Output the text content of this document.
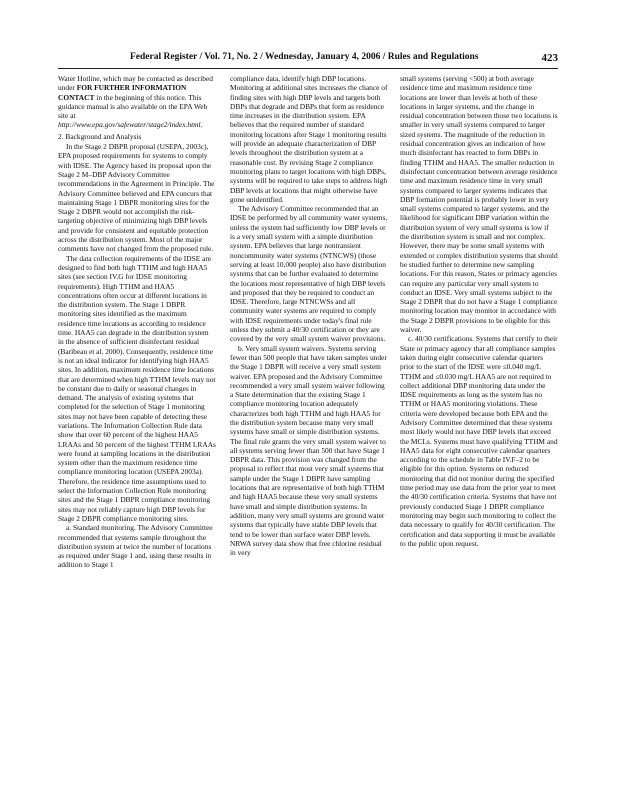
Federal Register / Vol. 71, No. 2 / Wednesday, January 4, 2006 / Rules and Regulations	423

Water Hotline, which may be contacted as described under FOR FURTHER INFORMATION CONTACT in the beginning of this notice. This guidance manual is also available on the EPA Web site at http://www.epa.gov/safewater/stage2/index.html.

2. Background and Analysis

In the Stage 2 DBPR proposal (USEPA, 2003c), EPA proposed requirements for systems to comply with IDSE. The Agency based its proposal upon the Stage 2 M–DBP Advisory Committee recommendations in the Agreement in Principle. The Advisory Committee believed and EPA concurs that maintaining Stage 1 DBPR monitoring sites for the Stage 2 DBPR would not accomplish the risk-targeting objective of minimizing high DBP levels and provide for consistent and equitable protection across the distribution system. Most of the major comments have not changed from the proposed rule.

The data collection requirements of the IDSE are designed to find both high TTHM and high HAA5 sites (see section IV.G for IDSE monitoring requirements). High TTHM and HAA5 concentrations often occur at different locations in the distribution system. The Stage 1 DBPR monitoring sites identified as the maximum residence time locations as according to residence time. HAA5 can degrade in the distribution system in the absence of sufficient disinfectant residual (Baribeau et al. 2000). Consequently, residence time is not an ideal indicator for identifying high HAA5 sites. In addition, maximum residence time locations that are determined when high TTHM levels may not be constant due to daily or seasonal changes in demand. The analysis of existing systems that completed for the selection of Stage 1 monitoring sites may not have been capable of detecting these variations. The Information Collection Rule data show that over 60 percent of the highest HAA5 LRAAs and 50 percent of the highest TTHM LRAAs were found at sampling locations in the distribution system other than the maximum residence time compliance monitoring location (USEPA 2003a). Therefore, the residence time assumptions used to select the Information Collection Rule monitoring sites and the Stage 1 DBPR compliance monitoring sites may not reliably capture high DBP levels for Stage 2 DBPR compliance monitoring sites.

a. Standard monitoring. The Advisory Committee recommended that systems sample throughout the distribution system at twice the number of locations as required under Stage 1 and, using these results in addition to Stage 1

compliance data, identify high DBP locations. Monitoring at additional sites increases the chance of finding sites with high DBP levels and targets both DBPs that degrade and DBPs that form as residence time increases in the distribution system. EPA believes that the required number of standard monitoring locations after Stage 1 monitoring results will provide an adequate characterization of DBP levels throughout the distribution system at a reasonable cost. By revising Stage 2 compliance monitoring plans to target locations with high DBPs, systems will be required to take steps to address high DBP levels at locations that might otherwise have gone unidentified.

The Advisory Committee recommended that an IDSE be performed by all community water systems, unless the system had sufficiently low DBP levels or is a very small system with a simple distribution system. EPA believes that large nontransient noncommunity water systems (NTNCWS) (those serving at least 10,000 people) also have distribution systems that can be further evaluated to determine the locations most representative of high DBP levels and proposed that they be required to conduct an IDSE. Therefore, large NTNCWSs and all community water systems are required to comply with IDSE requirements under today's final rule unless they submit a 40/30 certification or they are covered by the very small system waiver provisions.

b. Very small system waivers. Systems serving fewer than 500 people that have taken samples under the Stage 1 DBPR will receive a very small system waiver. EPA proposed and the Advisory Committee recommended a very small system waiver following a State determination that the existing Stage 1 compliance monitoring location adequately characterizes both high TTHM and high HAA5 for the distribution system because many very small systems have small or simple distribution systems. The final rule grants the very small system waiver to all systems serving fewer than 500 that have Stage 1 DBPR data. This provision was changed from the proposal to reflect that most very small systems that sample under the Stage 1 DBPR have sampling locations that are representative of both high TTHM and high HAA5 because these very small systems have small and simple distribution systems. In addition, many very small systems are ground water systems that typically have stable DBP levels that tend to be lower than surface water DBP levels. NRWA survey data show that free chlorine residual in very

small systems (serving <500) at both average residence time and maximum residence time locations are lower than levels at both of these locations in larger systems, and the change in residual concentration between those two locations is smaller in very small systems compared to larger sized systems. The magnitude of the reduction in residual concentration gives an indication of how much disinfectant has reacted to form DBPs in finding TTHM and HAA5. The smaller reduction in disinfectant concentration between average residence time and maximum residence time in very small systems compared to larger systems indicates that DBP formation potential is probably lower in very small systems compared to larger systems, and the likelihood for significant DBP variation within the distribution system of very small systems is low if the distribution system is small and not complex. However, there may be some small systems with extended or complex distribution systems that should be studied further to determine new sampling locations. For this reason, States or primacy agencies can require any particular very small system to conduct an IDSE. Very small systems subject to the Stage 2 DBPR that do not have a Stage 1 compliance monitoring location may monitor in accordance with the Stage 2 DBPR provisions to be eligible for this waiver.

c. 40/30 certifications. Systems that certify to their State or primacy agency that all compliance samples taken during eight consecutive calendar quarters prior to the start of the IDSE were ≤0.040 mg/L TTHM and ≤0.030 mg/L HAA5 are not required to collect additional DBP monitoring data under the IDSE requirements as long as the system has no TTHM or HAA5 monitoring violations. These criteria were developed because both EPA and the Advisory Committee determined that these systems most likely would not have DBP levels that exceed the MCLs. Systems must have qualifying TTHM and HAA5 data for eight consecutive calendar quarters according to the schedule in Table IV.F–2 to be eligible for this option. Systems on reduced monitoring that did not monitor during the specified time period may use data from the prior year to meet the 40/30 certification criteria. Systems that have not previously conducted Stage 1 DBPR compliance monitoring may begin such monitoring to collect the data necessary to qualify for 40/30 certification. The certification and data supporting it must be available to the public upon request.
